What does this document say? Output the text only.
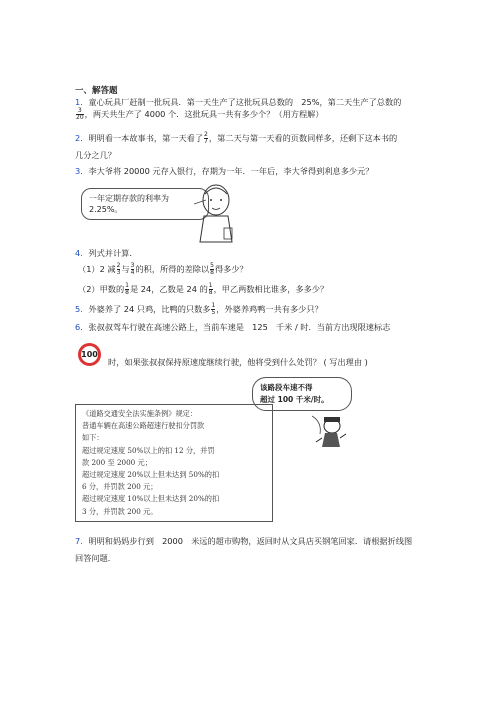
一、解答题
1．童心玩具厂赶制一批玩具．第一天生产了这批玩具总数的　25%，第二天生产了总数的
$\frac{3}{20}$ ，两天共生产了 4000 个．这批玩具一共有多少个？（用方程解）
2．明明看一本故事书，第一天看了 $\frac{2}{7}$ ，第二天与第一天看的页数同样多，还剩下这本书的
几分之几？
3．李大爷将 20000 元存入银行，存期为一年．一年后，李大爷得到利息多少元？
一年定期存款的利率为
2.25%。
4．列式并计算．
（1）2 减 $\frac{2}{3}$ 与 $\frac{3}{4}$ 的积，所得的差除以 $\frac{5}{8}$ 得多少？
（2）甲数的 $\frac{1}{8}$ 是 24，乙数是 24 的 $\frac{1}{8}$ ，甲乙两数相比谁多，多多少？
5．外婆养了 24 只鸡，比鸭的只数多 $\frac{1}{5}$ ，外婆养鸡鸭一共有多少只？
6．张叔叔驾车行驶在高速公路上，当前车速是　125　千米 / 时．当前方出现限速标志
100
时，如果张叔叔保持原速度继续行驶，他将受到什么处罚？ ( 写出理由 )
该路段车速不得
超过 100 千米/时。
《道路交通安全法实施条例》规定：
普通车辆在高速公路超速行驶扣分罚款
如下：
超过规定速度 50%以上的扣 12 分，并罚
款 200 至 2000 元；
超过规定速度 20%以上但未达到 50%的扣
6 分，并罚款 200 元；
超过规定速度 10%以上但未达到 20%的扣
3 分，并罚款 200 元。
7．明明和妈妈步行到　2000　米远的超市购物，返回时从文具店买钢笔回家．请根据折线图
回答问题．
